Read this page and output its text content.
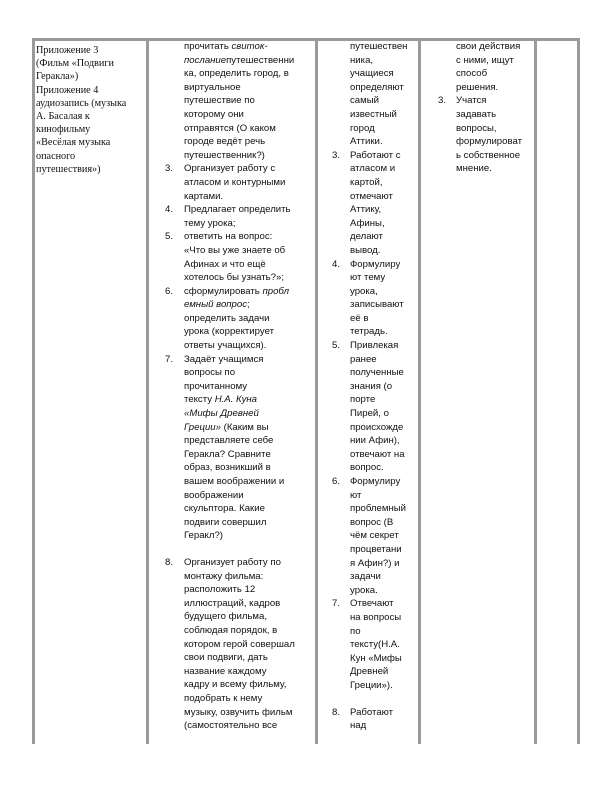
Приложение 3
(Фильм «Подвиги
Геракла»)
Приложение 4
аудиозапись (музыка
А. Басалая к
кинофильму
«Весёлая музыка
опасного
путешествия»)
прочитать свиток-
посланиепутешественни
ка, определить город, в
виртуальное
путешествие по
которому они
отправятся (О каком
городе ведёт речь
путешественник?)
3. Организует работу с
атласом и контурными
картами.
4. Предлагает определить
тему урока;
5. ответить на вопрос:
«Что вы уже знаете об
Афинах и что ещё
хотелось бы узнать?»;
6. сформулировать пробл
емный вопрос;
определить задачи
урока (корректирует
ответы учащихся).
7. Задаёт учащимся
вопросы по
прочитанному
тексту Н.А. Куна
«Мифы Древней
Греции» (Каким вы
представляете себе
Геракла? Сравните
образ, возникший в
вашем воображении и
воображении
скульптора. Какие
подвиги совершил
Геракл?)
8. Организует работу по
монтажу фильма:
расположить 12
иллюстраций, кадров
будущего фильма,
соблюдая порядок, в
котором герой совершал
свои подвиги, дать
название каждому
кадру и всему фильму,
подобрать к нему
музыку, озвучить фильм
(самостоятельно все
путешествен
ника,
учащиеся
определяют
самый
известный
город
Аттики.
3. Работают с
атласом и
картой,
отмечают
Аттику,
Афины,
делают
вывод.
4. Формулиру
ют тему
урока,
записывают
её в
тетрадь.
5. Привлекая
ранее
полученные
знания (о
порте
Пирей, о
происхожде
нии Афин),
отвечают на
вопрос.
6. Формулиру
ют
проблемный
вопрос (В
чём секрет
процветани
я Афин?) и
задачи
урока.
7. Отвечают
на вопросы
по
тексту(Н.А.
Кун «Мифы
Древней
Греции»).
8. Работают
над
свои действия
с ними, ищут
способ
решения.
3. Учатся
задавать
вопросы,
формулироват
ь собственное
мнение.
